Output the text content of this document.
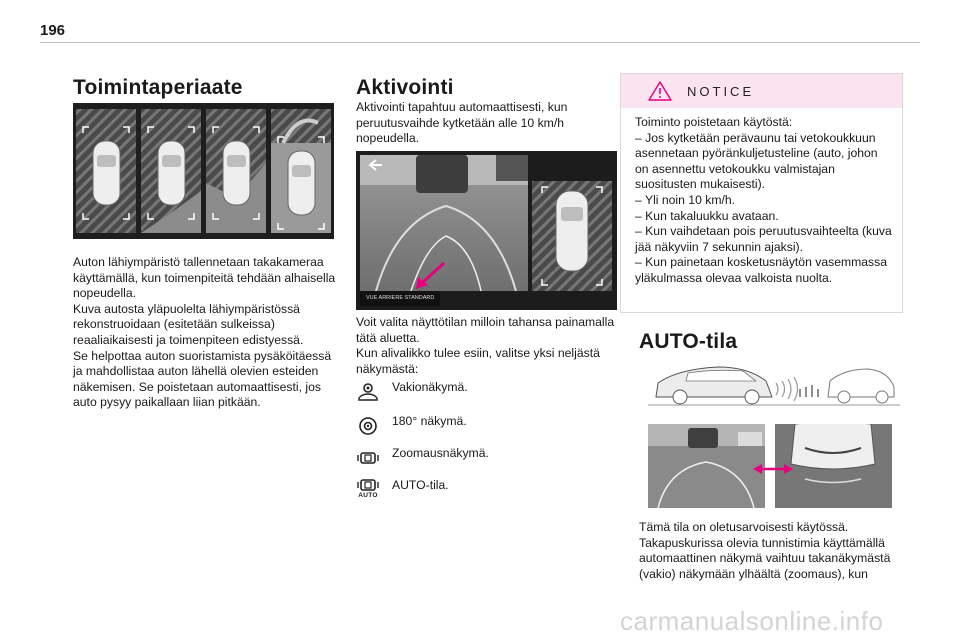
196
Toimintaperiaate
Auton lähiympäristö tallennetaan takakameraa käyttämällä, kun toimenpiteitä tehdään alhaisella nopeudella.
Kuva autosta yläpuolelta lähiympäristössä rekonstruoidaan (esitetään sulkeissa) reaaliaikaisesti ja toimenpiteen edistyessä.
Se helpottaa auton suoristamista pysäköitäessä ja mahdollistaa auton lähellä olevien esteiden näkemisen. Se poistetaan automaattisesti, jos auto pysyy paikallaan liian pitkään.
Aktivointi
Aktivointi tapahtuu automaattisesti, kun peruutusvaihde kytketään alle 10 km/h nopeudella.
VUE ARRIERE STANDARD
Voit valita näyttötilan milloin tahansa painamalla tätä aluetta.
Kun alivalikko tulee esiin, valitse yksi neljästä näkymästä:
Vakionäkymä.
180° näkymä.
Zoomausnäkymä.
AUTO
AUTO-tila.
NOTICE
Toiminto poistetaan käytöstä:
– Jos kytketään perävaunu tai vetokoukkuun asennetaan pyöränkuljetusteline (auto, johon on asennettu vetokoukku valmistajan suositusten mukaisesti).
– Yli noin 10 km/h.
– Kun takaluukku avataan.
– Kun vaihdetaan pois peruutusvaihteelta (kuva jää näkyviin 7 sekunnin ajaksi).
– Kun painetaan kosketusnäytön vasemmassa yläkulmassa olevaa valkoista nuolta.
AUTO-tila
Tämä tila on oletusarvoisesti käytössä.
Takapuskurissa olevia tunnistimia käyttämällä automaattinen näkymä vaihtuu takanäkymästä (vakio) näkymään ylhäältä (zoomaus), kun
carmanualsonline.info
